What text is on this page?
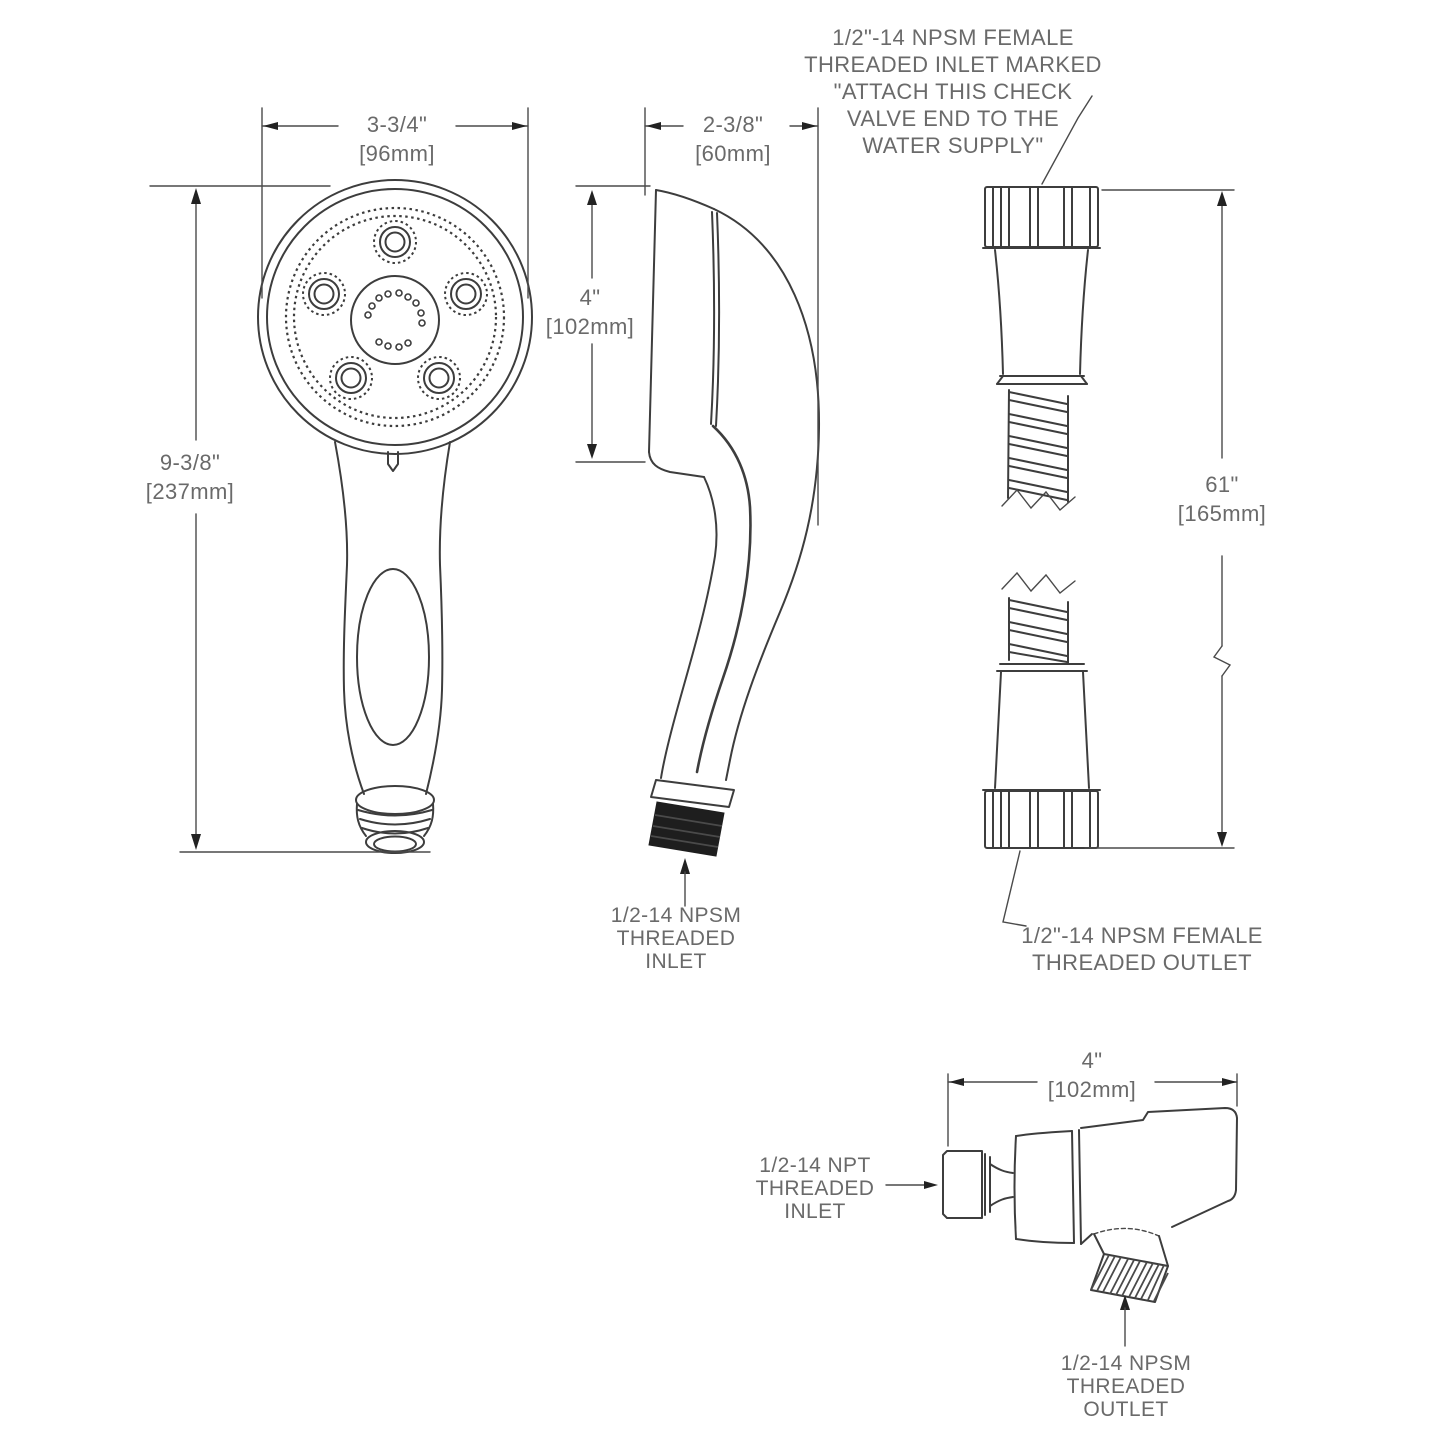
1/2"-14 NPSM FEMALE
THREADED INLET MARKED
"ATTACH THIS CHECK
VALVE END TO THE
WATER SUPPLY"
3-3/4"
[96mm]
2-3/8"
[60mm]
4"
[102mm]
9-3/8"
[237mm]	61"
[165mm]
1/2-14 NPSM
THREADED
INLET
1/2"-14 NPSM FEMALE
THREADED OUTLET
4"
[102mm]
1/2-14 NPT
THREADED
INLET
1/2-14 NPSM
THREADED
OUTLET
